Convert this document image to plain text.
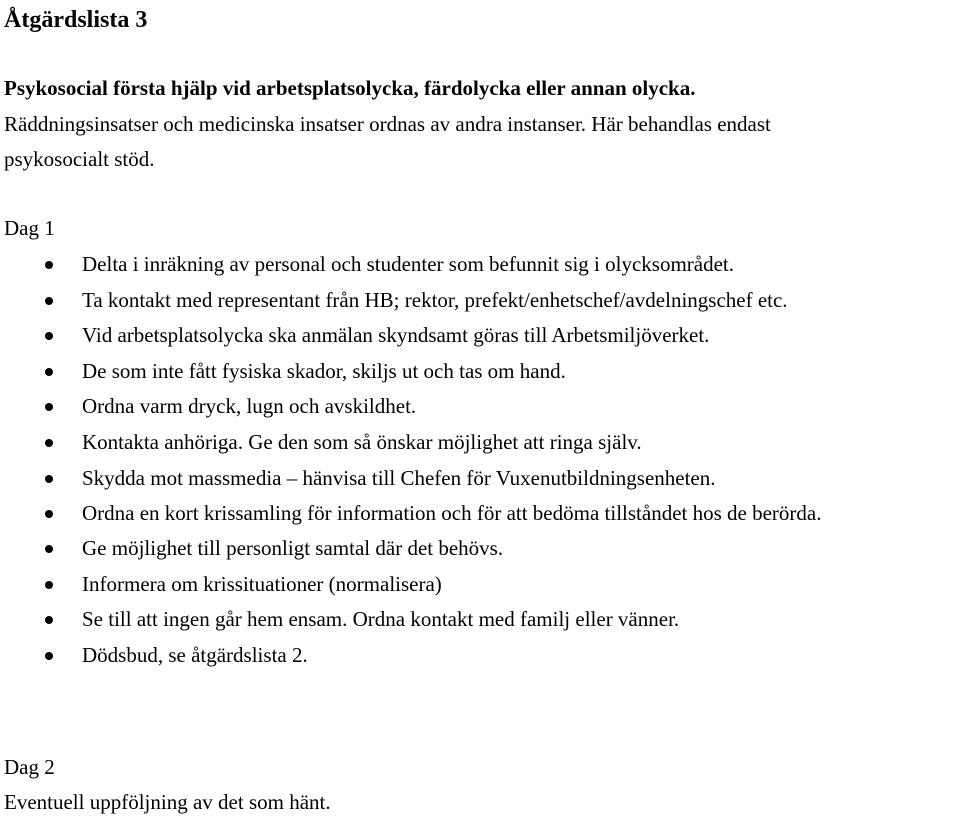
Åtgärdslista 3

Psykosocial första hjälp vid arbetsplatsolycka, färdolycka eller annan olycka.

Räddningsinsatser och medicinska insatser ordnas av andra instanser. Här behandlas endast

psykosocialt stöd.

Dag 1

Delta i inräkning av personal och studenter som befunnit sig i olycksområdet.
Ta kontakt med representant från HB; rektor, prefekt/enhetschef/avdelningschef etc.
Vid arbetsplatsolycka ska anmälan skyndsamt göras till Arbetsmiljöverket.
De som inte fått fysiska skador, skiljs ut och tas om hand.
Ordna varm dryck, lugn och avskildhet.
Kontakta anhöriga. Ge den som så önskar möjlighet att ringa själv.
Skydda mot massmedia – hänvisa till Chefen för Vuxenutbildningsenheten.
Ordna en kort krissamling för information och för att bedöma tillståndet hos de berörda.
Ge möjlighet till personligt samtal där det behövs.
Informera om krissituationer (normalisera)
Se till att ingen går hem ensam. Ordna kontakt med familj eller vänner.
Dödsbud, se åtgärdslista 2.

Dag 2

Eventuell uppföljning av det som hänt.
